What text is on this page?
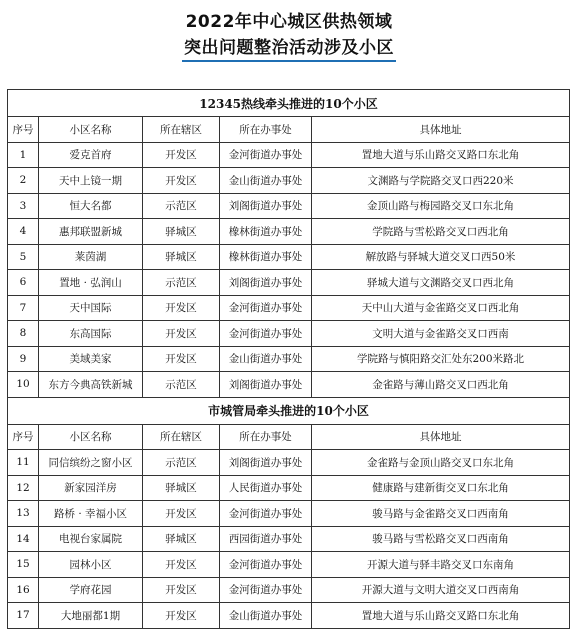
2022年中心城区供热领域
突出问题整治活动涉及小区
12345热线牵头推进的10个小区				
序号	小区名称	所在辖区	所在办事处	具体地址
1	爱克首府	开发区	金河街道办事处	置地大道与乐山路交叉路口东北角
2	天中上镜一期	开发区	金山街道办事处	文渊路与学院路交叉口西220米
3	恒大名都	示范区	刘阁街道办事处	金顶山路与梅园路交叉口东北角
4	惠邦联盟新城	驿城区	橡林街道办事处	学院路与雪松路交叉口西北角
5	莱茵湖	驿城区	橡林街道办事处	解放路与驿城大道交叉口西50米
6	置地 · 弘润山	示范区	刘阁街道办事处	驿城大道与文渊路交叉口西北角
7	天中国际	开发区	金河街道办事处	天中山大道与金雀路交叉口西北角
8	东高国际	开发区	金河街道办事处	文明大道与金雀路交叉口西南
9	美域美家	开发区	金山街道办事处	学院路与慎阳路交汇处东200米路北
10	东方今典高铁新城	示范区	刘阁街道办事处	金雀路与薄山路交叉口西北角
市城管局牵头推进的10个小区				
序号	小区名称	所在辖区	所在办事处	具体地址
11	同信缤纷之窗小区	示范区	刘阁街道办事处	金雀路与金顶山路交叉口东北角
12	新家园洋房	驿城区	人民街道办事处	健康路与建新街交叉口东北角
13	路桥 · 幸福小区	开发区	金河街道办事处	骏马路与金雀路交叉口西南角
14	电视台家属院	驿城区	西园街道办事处	骏马路与雪松路交叉口西南角
15	园林小区	开发区	金河街道办事处	开源大道与驿丰路交叉口东南角
16	学府花园	开发区	金河街道办事处	开源大道与文明大道交叉口西南角
17	大地丽都1期	开发区	金山街道办事处	置地大道与乐山路交叉路口东北角
